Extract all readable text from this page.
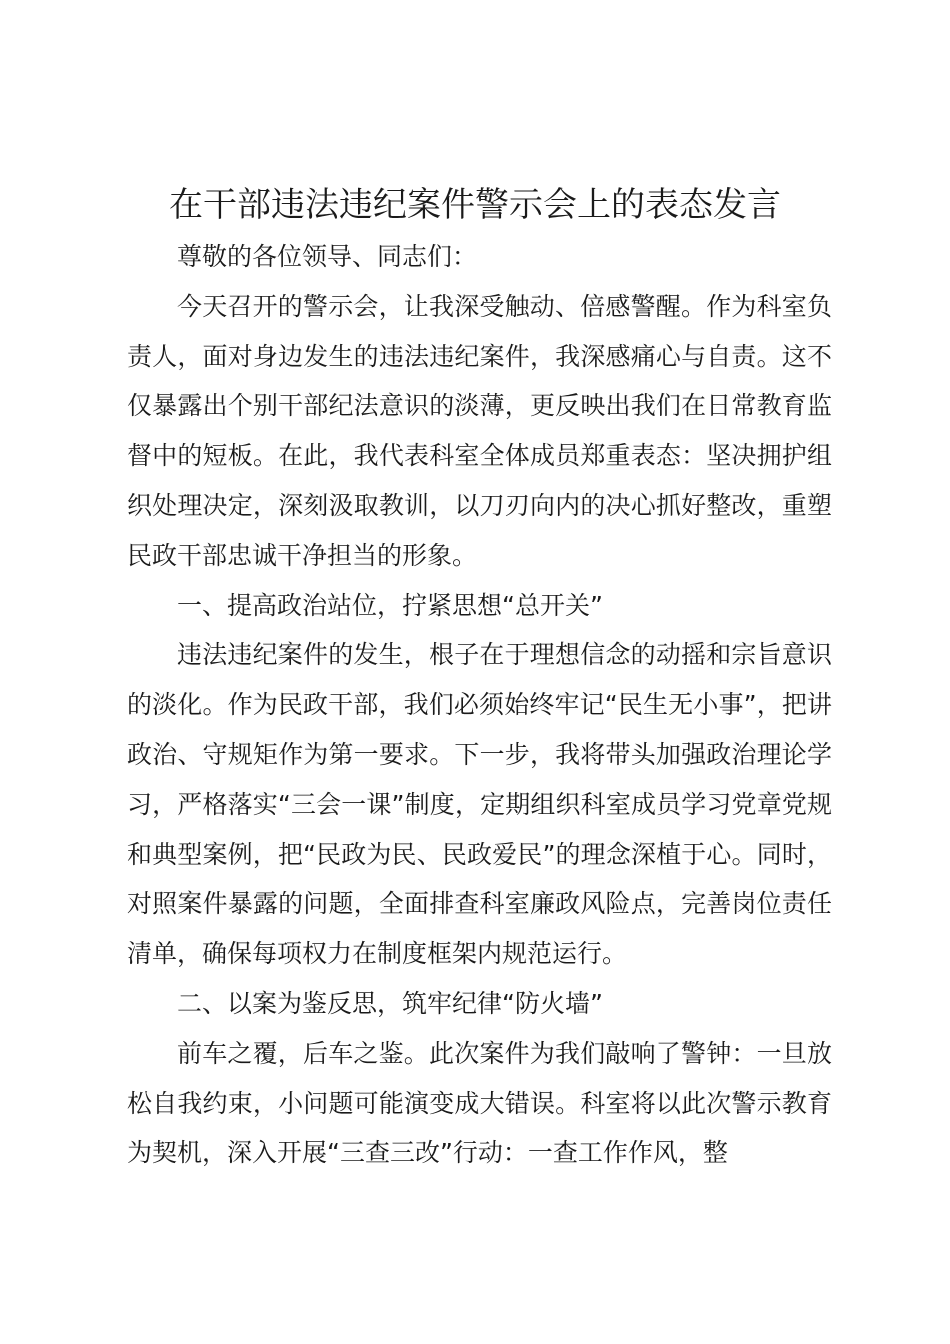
在干部违法违纪案件警示会上的表态发言

尊敬的各位领导、同志们：

今天召开的警示会，让我深受触动、倍感警醒。作为科室负责人，面对身边发生的违法违纪案件，我深感痛心与自责。这不仅暴露出个别干部纪法意识的淡薄，更反映出我们在日常教育监督中的短板。在此，我代表科室全体成员郑重表态：坚决拥护组织处理决定，深刻汲取教训，以刀刃向内的决心抓好整改，重塑民政干部忠诚干净担当的形象。

一、提高政治站位，拧紧思想“总开关”

违法违纪案件的发生，根子在于理想信念的动摇和宗旨意识的淡化。作为民政干部，我们必须始终牢记“民生无小事”，把讲政治、守规矩作为第一要求。下一步，我将带头加强政治理论学习，严格落实“三会一课”制度，定期组织科室成员学习党章党规和典型案例，把“民政为民、民政爱民”的理念深植于心。同时，对照案件暴露的问题，全面排查科室廉政风险点，完善岗位责任清单，确保每项权力在制度框架内规范运行。

二、以案为鉴反思，筑牢纪律“防火墙”

前车之覆，后车之鉴。此次案件为我们敲响了警钟：一旦放松自我约束，小问题可能演变成大错误。科室将以此次警示教育为契机，深入开展“三查三改”行动：一查工作作风，整
